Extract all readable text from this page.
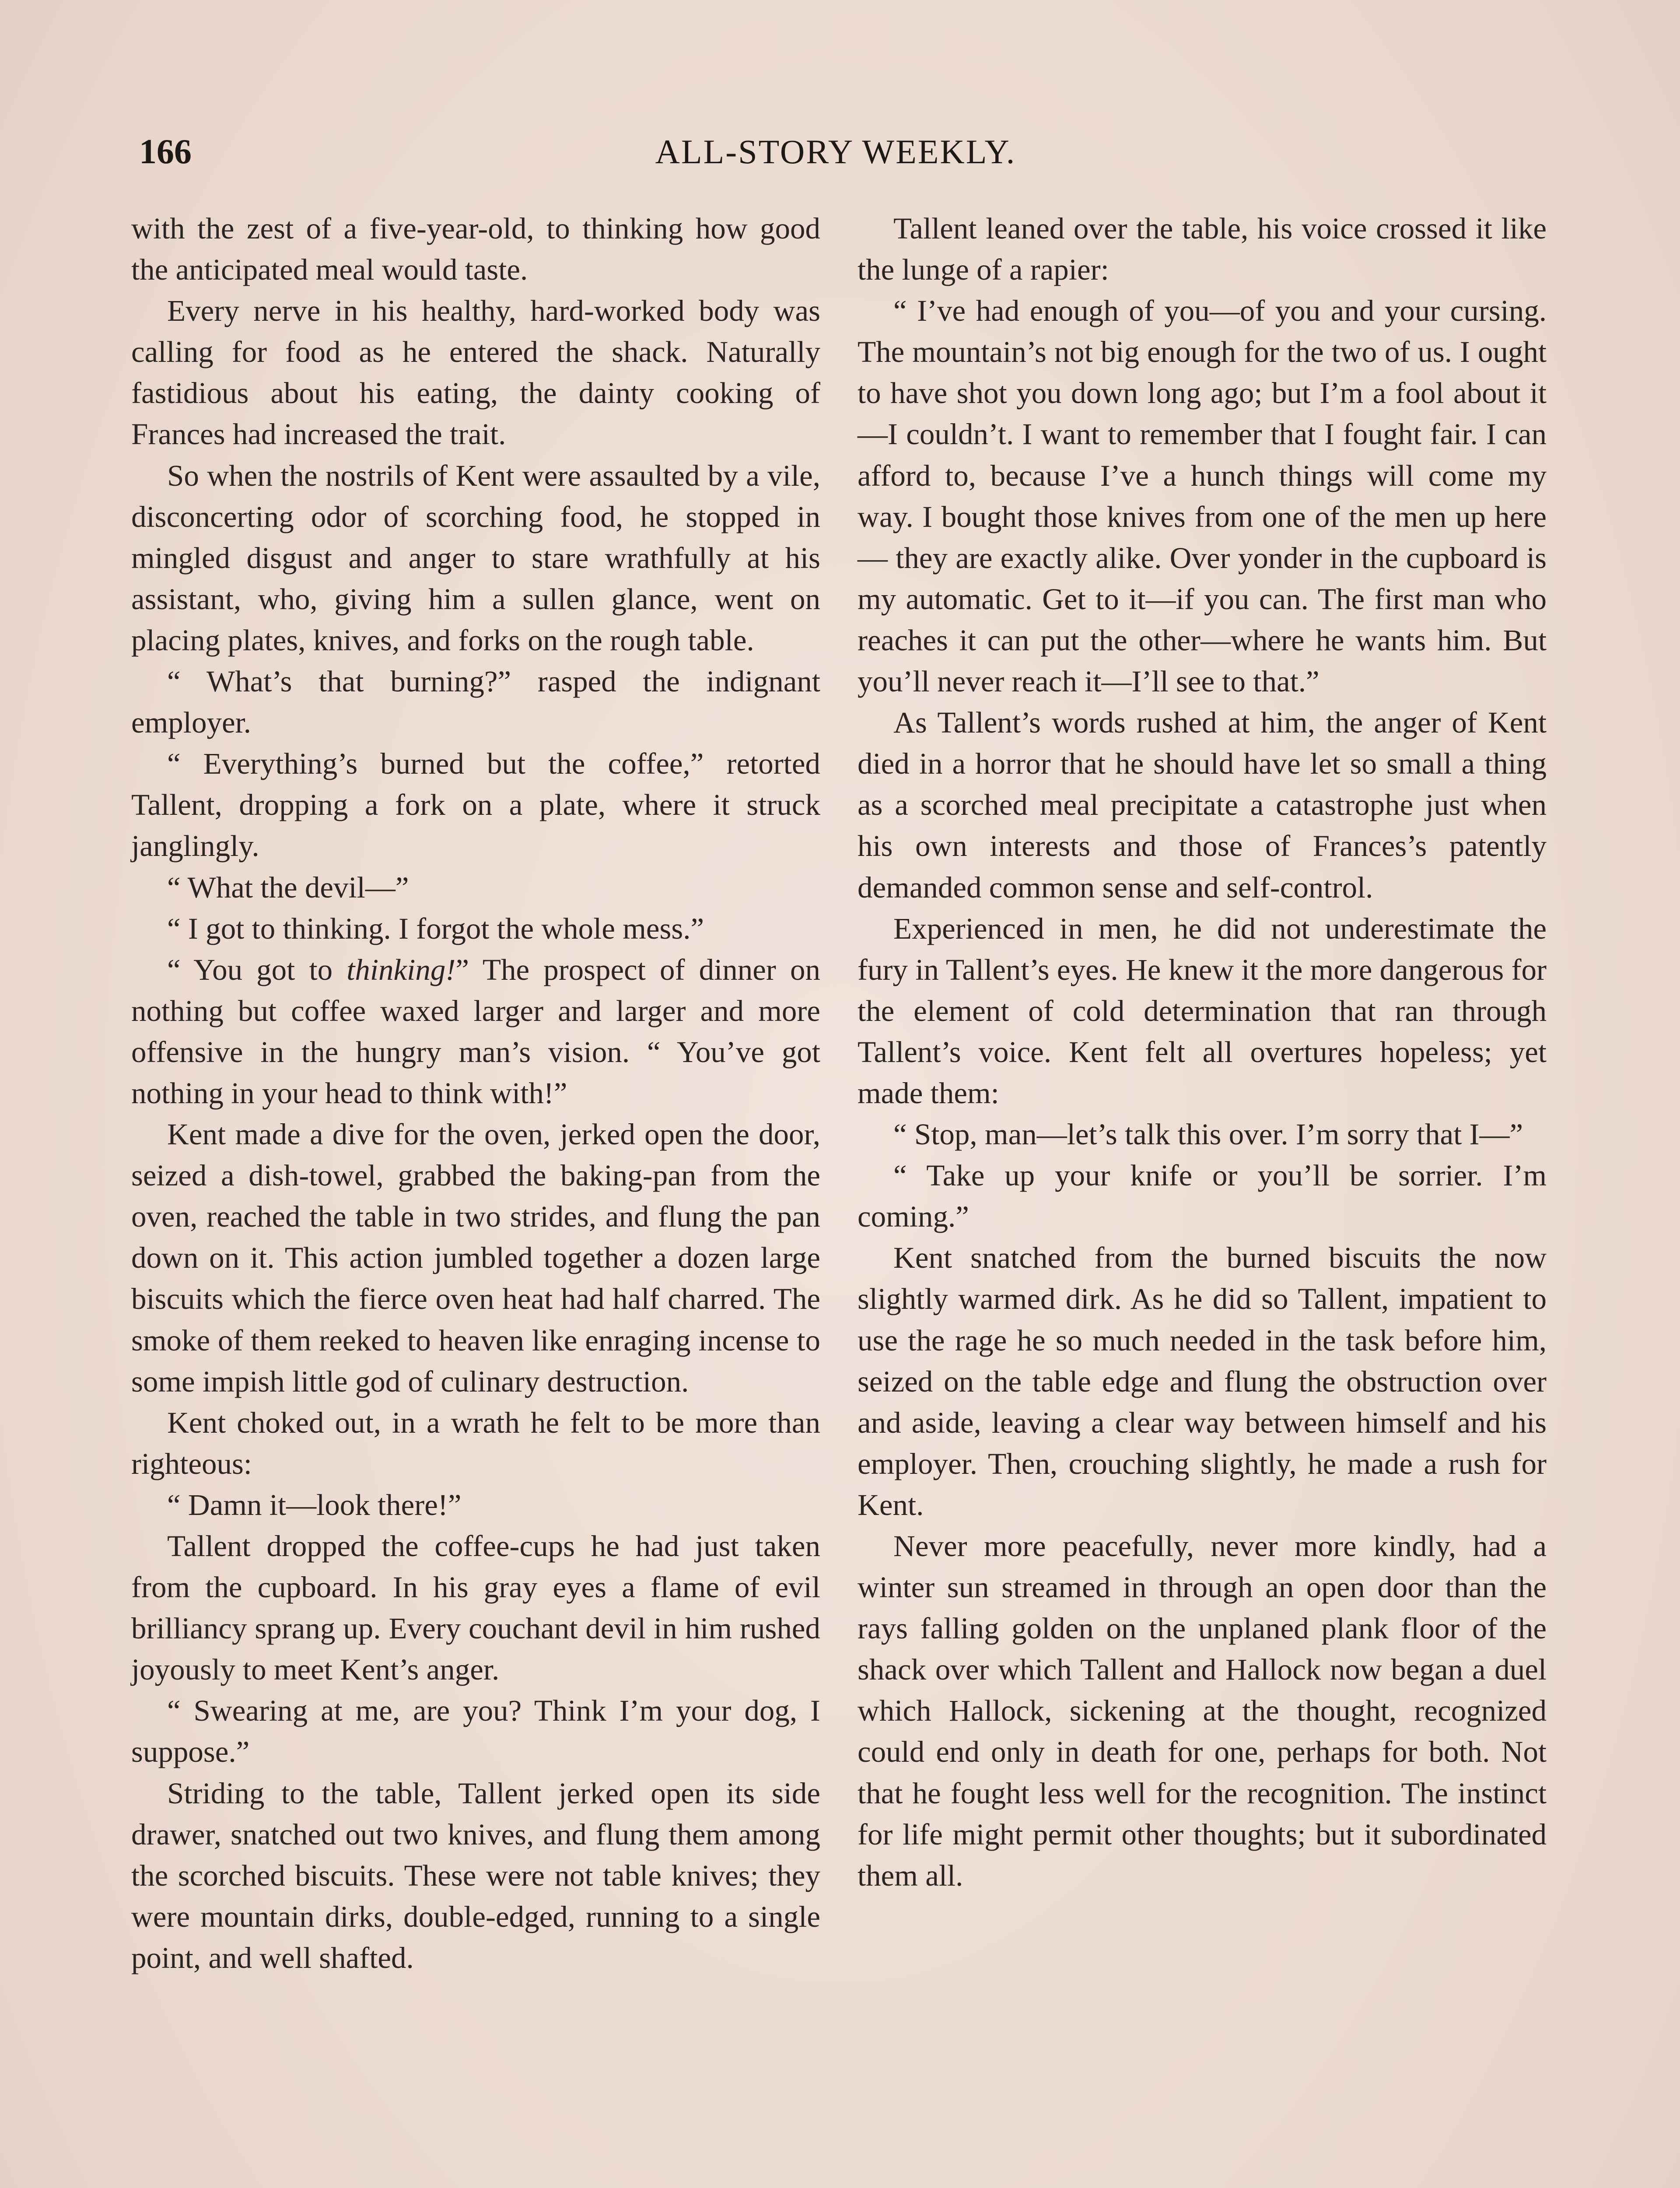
166	ALL-STORY WEEKLY.

with the zest of a five-year-old, to thinking how good the anticipated meal would taste.

Every nerve in his healthy, hard-worked body was calling for food as he entered the shack. Naturally fastidious about his eating, the dainty cooking of Frances had increased the trait.

So when the nostrils of Kent were assaulted by a vile, disconcerting odor of scorching food, he stopped in mingled disgust and anger to stare wrathfully at his assistant, who, giving him a sullen glance, went on placing plates, knives, and forks on the rough table.

“ What’s that burning?” rasped the indignant employer.

“ Everything’s burned but the coffee,” retorted Tallent, dropping a fork on a plate, where it struck janglingly.

“ What the devil—”

“ I got to thinking. I forgot the whole mess.”

“ You got to thinking!” The prospect of dinner on nothing but coffee waxed larger and larger and more offensive in the hungry man’s vision. “ You’ve got nothing in your head to think with!”

Kent made a dive for the oven, jerked open the door, seized a dish-towel, grabbed the baking-pan from the oven, reached the table in two strides, and flung the pan down on it. This action jumbled together a dozen large biscuits which the fierce oven heat had half charred. The smoke of them reeked to heaven like enraging incense to some impish little god of culinary destruction.

Kent choked out, in a wrath he felt to be more than righteous:

“ Damn it—look there!”

Tallent dropped the coffee-cups he had just taken from the cupboard. In his gray eyes a flame of evil brilliancy sprang up. Every couchant devil in him rushed joyously to meet Kent’s anger.

“ Swearing at me, are you? Think I’m your dog, I suppose.”

Striding to the table, Tallent jerked open its side drawer, snatched out two knives, and flung them among the scorched biscuits. These were not table knives; they were mountain dirks, double-edged, running to a single point, and well shafted.

Tallent leaned over the table, his voice crossed it like the lunge of a rapier:

“ I’ve had enough of you—of you and your cursing. The mountain’s not big enough for the two of us. I ought to have shot you down long ago; but I’m a fool about it—I couldn’t. I want to remember that I fought fair. I can afford to, because I’ve a hunch things will come my way. I bought those knives from one of the men up here— they are exactly alike. Over yonder in the cupboard is my automatic. Get to it—if you can. The first man who reaches it can put the other—where he wants him. But you’ll never reach it—I’ll see to that.”

As Tallent’s words rushed at him, the anger of Kent died in a horror that he should have let so small a thing as a scorched meal precipitate a catastrophe just when his own interests and those of Frances’s patently demanded common sense and self-control.

Experienced in men, he did not underestimate the fury in Tallent’s eyes. He knew it the more dangerous for the element of cold determination that ran through Tallent’s voice. Kent felt all overtures hopeless; yet made them:

“ Stop, man—let’s talk this over. I’m sorry that I—”

“ Take up your knife or you’ll be sorrier. I’m coming.”

Kent snatched from the burned biscuits the now slightly warmed dirk. As he did so Tallent, impatient to use the rage he so much needed in the task before him, seized on the table edge and flung the obstruction over and aside, leaving a clear way between himself and his employer. Then, crouching slightly, he made a rush for Kent.

Never more peacefully, never more kindly, had a winter sun streamed in through an open door than the rays falling golden on the unplaned plank floor of the shack over which Tallent and Hallock now began a duel which Hallock, sickening at the thought, recognized could end only in death for one, perhaps for both. Not that he fought less well for the recognition. The instinct for life might permit other thoughts; but it subordinated them all.
